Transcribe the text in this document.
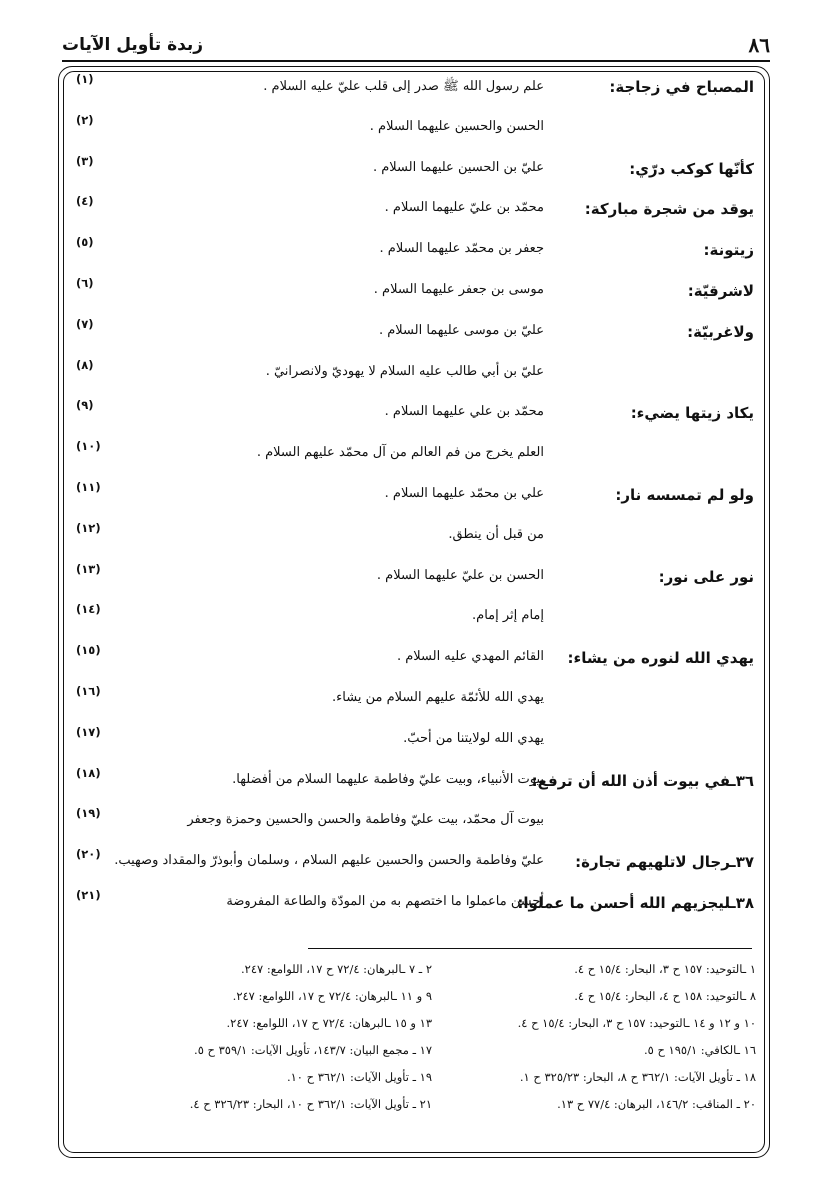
٨٦
زبدة تأويل الآيات
المصباح في زجاجة:
علم رسول الله ﷺ صدر إلى قلب عليّ عليه السلام .
(١)
الحسن والحسين عليهما السلام .
(٢)
كأنّها كوكب درّي:
عليّ بن الحسين عليهما السلام .
(٣)
يوقد من شجرة مباركة:
محمّد بن عليّ عليهما السلام .
(٤)
زيتونة:
جعفر بن محمّد عليهما السلام .
(٥)
لاشرقيّة:
موسى بن جعفر عليهما السلام .
(٦)
ولاغربيّة:
عليّ بن موسى عليهما السلام .
(٧)
عليّ بن أبي طالب عليه السلام لا يهوديّ ولانصرانيّ .
(٨)
يكاد زيتها يضيء:
محمّد بن علي عليهما السلام .
(٩)
العلم يخرج من فم العالم من آل محمّد عليهم السلام .
(١٠)
ولو لم تمسسه نار:
علي بن محمّد عليهما السلام .
(١١)
من قبل أن ينطق.
(١٢)
نور على نور:
الحسن بن عليّ عليهما السلام .
(١٣)
إمام إثر إمام.
(١٤)
يهدي الله لنوره من يشاء:
القائم المهدي عليه السلام .
(١٥)
يهدي الله للأئمّة عليهم السلام من يشاء.
(١٦)
يهدي الله لولايتنا من أحبّ.
(١٧)
٣٦ـفي بيوت أذن الله أن ترفع:
بيوت الأنبياء، وبيت عليّ وفاطمة عليهما السلام من أفضلها.
(١٨)
بيوت آل محمّد، بيت عليّ وفاطمة والحسن والحسين وحمزة وجعفر
(١٩)
٣٧ـرجال لاتلهيهم تجارة:
عليّ وفاطمة والحسن والحسين عليهم السلام ، وسلمان وأبوذرّ والمقداد وصهيب.
(٢٠)
٣٨ـليجزيهم الله أحسن ما عملوا:
أحسن ماعملوا ما اختصهم به من المودّة والطاعة المفروضة
(٢١)
١ ـالتوحيد: ١٥٧ ح ٣، البحار: ١٥/٤ ح ٤.
٢ ـ ٧ ـالبرهان: ٧٢/٤ ح ١٧، اللوامع: ٢٤٧.
٨ ـالتوحيد: ١٥٨ ح ٤، البحار: ١٥/٤ ح ٤.
٩ و ١١ ـالبرهان: ٧٢/٤ ح ١٧، اللوامع: ٢٤٧.
١٠ و ١٢ و ١٤ ـالتوحيد: ١٥٧ ح ٣، البحار: ١٥/٤ ح ٤.
١٣ و ١٥ ـالبرهان: ٧٢/٤ ح ١٧، اللوامع: ٢٤٧.
١٦ ـالكافي: ١٩٥/١ ح ٥.
١٧ ـ مجمع البيان: ١٤٣/٧، تأويل الآيات: ٣٥٩/١ ح ٥.
١٨ ـ تأويل الآيات: ٣٦٢/١ ح ٨، البحار: ٣٢٥/٢٣ ح ١.
١٩ ـ تأويل الآيات: ٣٦٢/١ ح ١٠.
٢٠ ـ المناقب: ١٤٦/٢، البرهان: ٧٧/٤ ح ١٣.
٢١ ـ تأويل الآيات: ٣٦٢/١ ح ١٠، البحار: ٣٢٦/٢٣ ح ٤.
